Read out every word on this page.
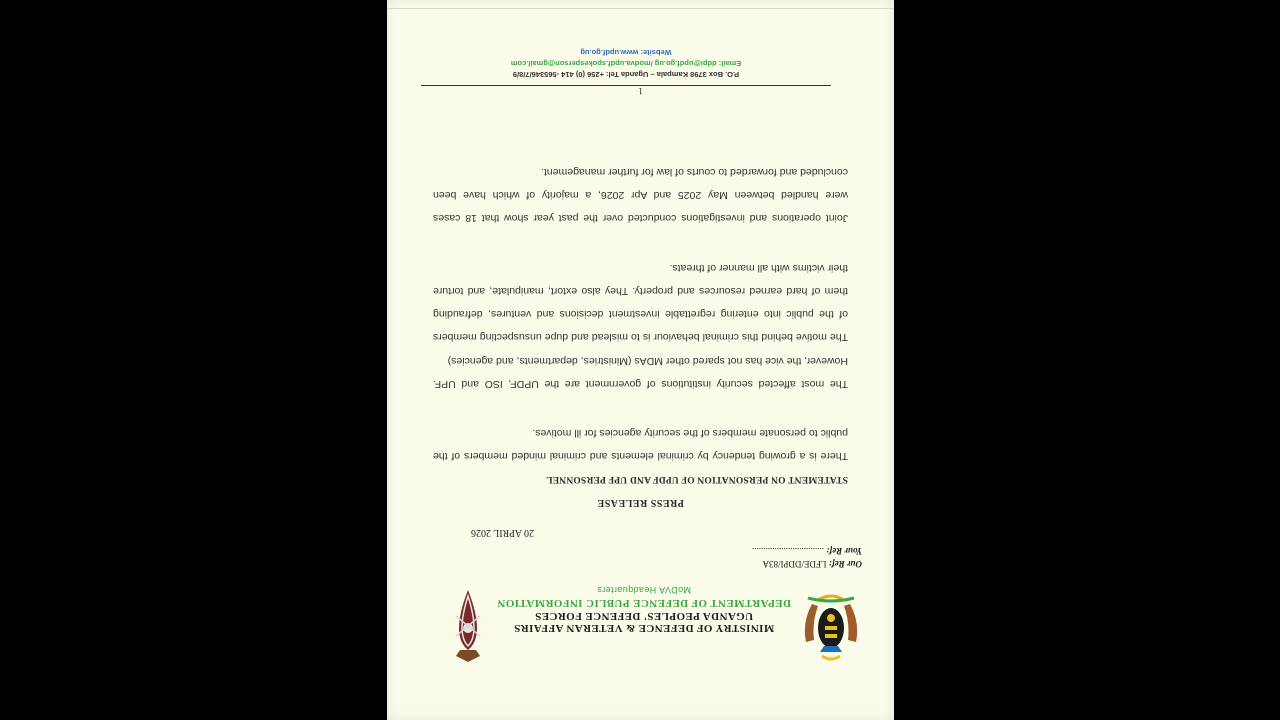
MINISTRY OF DEFENCE & VETERAN AFFAIRS
UGANDA PEOPLES' DEFENCE FORCES
DEPARTMENT OF DEFENCE PUBLIC INFORMATION
MoDVA Headquarters
Our Ref: LFDE/DDPI/83A
Your Ref: ................................
20 APRIL 2026
PRESS RELEASE
STATEMENT ON PERSONATION OF UPDF AND UPF PERSONNEL

There is a growing tendency by criminal elements and criminal minded members of the public to personate members of the security agencies for ill motives.

The most affected security institutions of government are the UPDF, ISO and UPF. However, the vice has not spared other MDAs (Ministries, departments, and agencies)

The motive behind this criminal behaviour is to mislead and dupe unsuspecting members of the public into entering regrettable investment decisions and ventures, defrauding them of hard earned resources and property. They also extort, manipulate, and torture their victims with all manner of threats.

Joint operations and investigations conducted over the past year show that 18 cases were handled between May 2025 and Apr 2026, a majority of which have been concluded and forwarded to courts of law for further management.

1
P.O. Box 3798 Kampala – Uganda Tel: +256 (0) 414 -565346/7/8/9
Email: ddpi@updf.go.ug /modva.updf.spokesperson@gmail.com
Website: www.updf.go.ug
